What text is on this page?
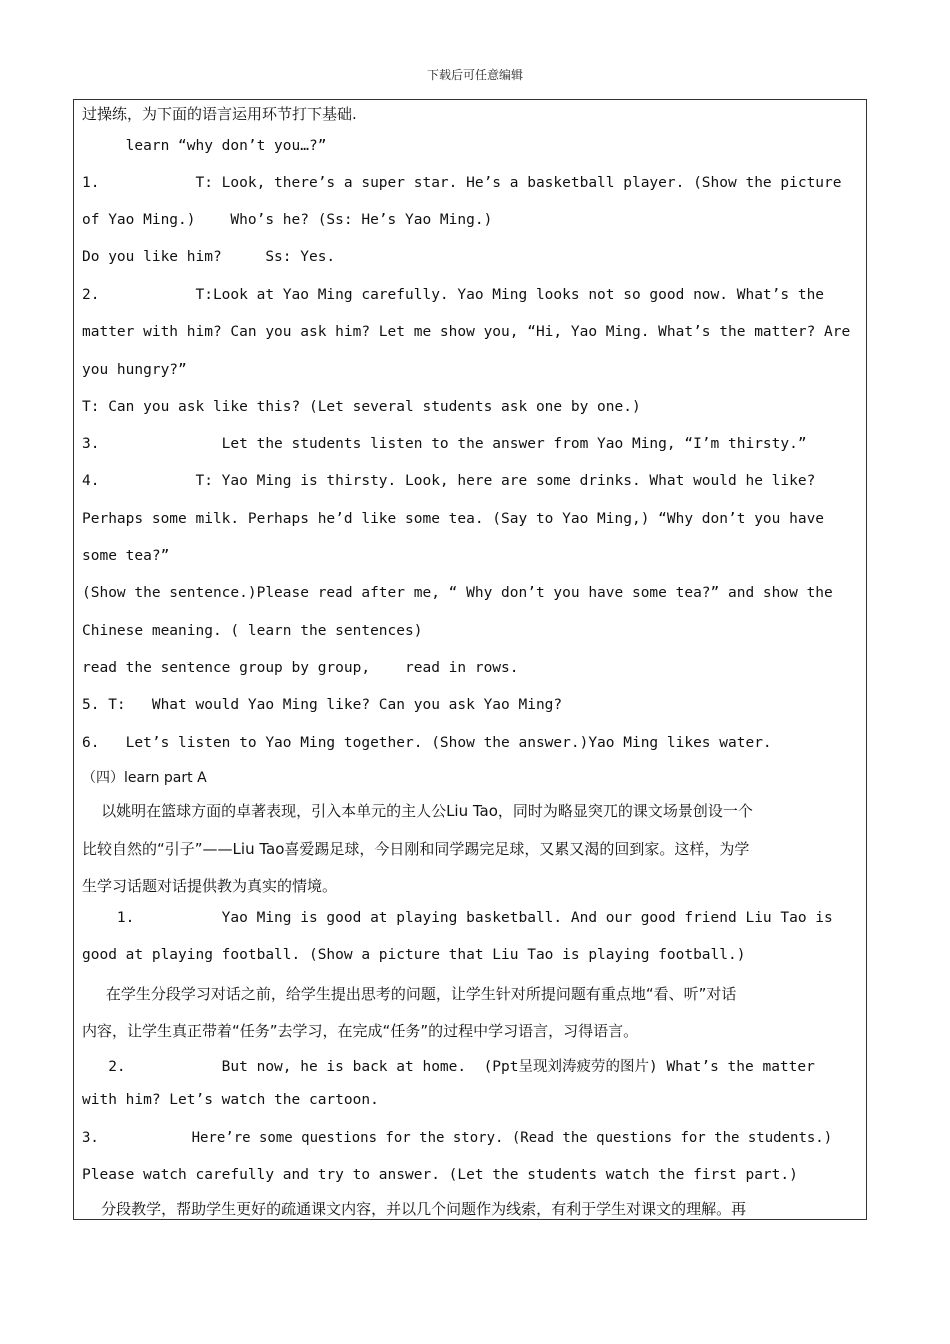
下载后可任意编辑
过操练，为下面的语言运用环节打下基础.
learn “why don’t you…?”
1.           T: Look, there’s a super star. He’s a basketball player. (Show the picture
of Yao Ming.)    Who’s he? (Ss: He’s Yao Ming.)
Do you like him?     Ss: Yes.
2.           T:Look at Yao Ming carefully. Yao Ming looks not so good now. What’s the
matter with him? Can you ask him? Let me show you, “Hi, Yao Ming. What’s the matter? Are
you hungry?”
T: Can you ask like this? (Let several students ask one by one.)
3.              Let the students listen to the answer from Yao Ming, “I’m thirsty.”
4.           T: Yao Ming is thirsty. Look, here are some drinks. What would he like?
Perhaps some milk. Perhaps he’d like some tea. (Say to Yao Ming,) “Why don’t you have
some tea?”
(Show the sentence.)Please read after me, “ Why don’t you have some tea?” and show the
Chinese meaning. ( learn the sentences)
read the sentence group by group,    read in rows.
5. T:   What would Yao Ming like? Can you ask Yao Ming?
6.   Let’s listen to Yao Ming together. (Show the answer.)Yao Ming likes water.
（四）learn part A
以姚明在篮球方面的卓著表现，引入本单元的主人公Liu Tao，同时为略显突兀的课文场景创设一个
比较自然的“引子”——Liu Tao喜爱踢足球，今日刚和同学踢完足球，又累又渴的回到家。这样，为学
生学习话题对话提供教为真实的情境。
1.          Yao Ming is good at playing basketball. And our good friend Liu Tao is
good at playing football. (Show a picture that Liu Tao is playing football.)
在学生分段学习对话之前，给学生提出思考的问题，让学生针对所提问题有重点地“看、听”对话
内容，让学生真正带着“任务”去学习，在完成“任务”的过程中学习语言，习得语言。
2.           But now, he is back at home.  (Ppt呈现刘涛疲劳的图片) What’s the matter
with him? Let’s watch the cartoon.
3.           Here’re some questions for the story. (Read the questions for the students.)
Please watch carefully and try to answer. (Let the students watch the first part.)
分段教学，帮助学生更好的疏通课文内容，并以几个问题作为线索，有利于学生对课文的理解。再
